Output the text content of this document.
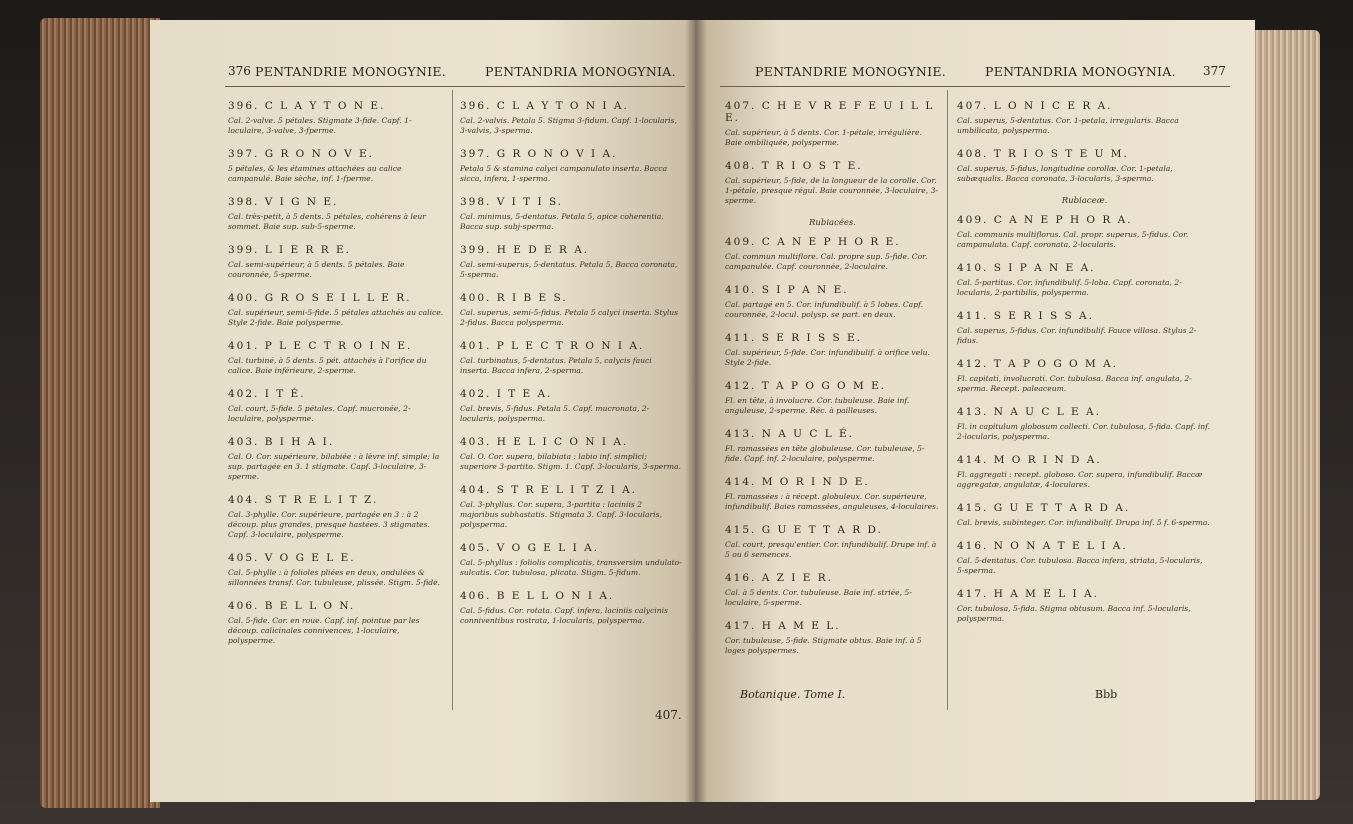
376 PENTANDRIE MONOGYNIE.	PENTANDRIA MONOGYNIA.
396. C L A Y T O N E.
Cal. 2-valve. 5 pétales. Stigmate 3-fide. Capf. 1-loculaire, 3-valve, 3-fperme.
397. G R O N O V E.
5 pétales, & les étamines attachées au calice campanulé. Baie sèche, inf. 1-fperme.
398. V I G N E.
Cal. très-petit, à 5 dents. 5 pétales, cohérens à leur sommet. Baie sup. sub-5-sperme.
399. L I E R R E.
Cal. semi-supérieur, à 5 dents. 5 pétales. Baie couronnée, 5-sperme.
400. G R O S E I L L E R.
Cal. supérieur, semi-5-fide. 5 pétales attachés au calice. Style 2-fide. Baie polysperme.
401. P L E C T R O I N E.
Cal. turbiné, à 5 dents. 5 pét. attachés à l'orifice du calice. Baie inférieure, 2-sperme.
402. I T É.
Cal. court, 5-fide. 5 pétales. Capf. mucronée, 2-loculaire, polysperme.
403. B I H A I.
Cal. O. Cor. supérieure, bilabiée : à lèvre inf. simple; la sup. partagée en 3. 1 stigmate. Capf. 3-loculaire, 3-sperme.
404. S T R E L I T Z.
Cal. 3-phylle. Cor. supérieure, partagée en 3 : à 2 découp. plus grandes, presque hastées. 3 stigmates. Capf. 3-loculaire, polysperme.
405. V O G E L E.
Cal. 5-phylle : à folioles pliées en deux, ondulées & sillonnées transf. Cor. tubuleuse, plissée. Stigm. 5-fide.
406. B E L L O N.
Cal. 5-fide. Cor. en roue. Capf. inf. pointue par les découp. calicinales connivences, 1-loculaire, polysperme.
396. C L A Y T O N I A.
Cal. 2-valvis. Petala 5. Stigma 3-fidum. Capf. 1-locularis, 3-valvis, 3-sperma.
397. G R O N O V I A.
Petala 5 & stamina calyci campanulato inserta. Bacca sicca, infera, 1-sperma.
398. V I T I S.
Cal. minimus, 5-dentatus. Petala 5, apice coherentia. Bacca sup. subj-sperma.
399. H E D E R A.
Cal. semi-superus, 5-dentatus. Petala 5, Bacca coronata, 5-sperma.
400. R I B E S.
Cal. superus, semi-5-fidus. Petala 5 calyci inserta. Stylus 2-fidus. Bacca polysperma.
401. P L E C T R O N I A.
Cal. turbinatus, 5-dentatus. Petala 5, calycis fauci inserta. Bacca infera, 2-sperma.
402. I T E A.
Cal. brevis, 5-fidus. Petala 5. Capf. mucronata, 2-locularis, polysperma.
403. H E L I C O N I A.
Cal. O. Cor. supera, bilabiata : labio inf. simplici; superiore 3-partito. Stigm. 1. Capf. 3-locularis, 3-sperma.
404. S T R E L I T Z I A.
Cal. 3-phyllus. Cor. supera, 3-partita : laciniis 2 majoribus subhastatis. Stigmata 3. Capf. 3-locularis, polysperma.
405. V O G E L I A.
Cal. 5-phyllus : foliolis complicatis, transversim undulato-sulcatis. Cor. tubulosa, plicata. Stigm. 5-fidum.
406. B E L L O N I A.
Cal. 5-fidus. Cor. rotata. Capf. infera, laciniis calycinis conniventibus rostrata, 1-locularis, polysperma.
407.
PENTANDRIE MONOGYNIE.	PENTANDRIA MONOGYNIA. 377
407. C H E V R E F E U I L L E.
Cal. supérieur, à 5 dents. Cor. 1-pétale, irrégulière. Baie ombiliquée, polysperme.
408. T R I O S T E.
Cal. supérieur, 5-fide, de la longueur de la corolle. Cor. 1-pétale, presque régul. Baie couronnée, 3-loculaire, 3-sperme.
Rubiacées.
409. C A N E P H O R E.
Cal. commun multiflore. Cal. propre sup. 5-fide. Cor. campanulée. Capf. couronnée, 2-loculaire.
410. S I P A N E.
Cal. partagé en 5. Cor. infundibulif. à 5 lobes. Capf. couronnée, 2-locul. polysp. se part. en deux.
411. S E R I S S E.
Cal. supérieur, 5-fide. Cor. infundibulif. à orifice velu. Style 2-fide.
412. T A P O G O M E.
Fl. en tête, à involucre. Cor. tubuleuse. Baie inf. anguleuse, 2-sperme. Réc. à pailleuses.
413. N A U C L É.
Fl. ramassées en tête globuleuse. Cor. tubuleuse, 5-fide. Capf. inf. 2-loculaire, polysperme.
414. M O R I N D E.
Fl. ramassées : à récept. globuleux. Cor. supérieure, infundibulif. Baies ramassées, anguleuses, 4-loculaires.
415. G U E T T A R D.
Cal. court, presqu'entier. Cor. infundibulif. Drupe inf. à 5 ou 6 semences.
416. A Z I E R.
Cal. à 5 dents. Cor. tubuleuse. Baie inf. striée, 5-loculaire, 5-sperme.
417. H A M E L.
Cor. tubuleuse, 5-fide. Stigmate obtus. Baie inf. à 5 loges polyspermes.
407. L O N I C E R A.
Cal. superus, 5-dentatus. Cor. 1-petala, irregularis. Bacca umbilicata, polysperma.
408. T R I O S T E U M.
Cal. superus, 5-fidus, longitudine corollæ. Cor. 1-petala, subæqualis. Bacca coronata, 3-locularis, 3-sperma.
Rubiaceæ.
409. C A N E P H O R A.
Cal. communis multiflorus. Cal. propr. superus, 5-fidus. Cor. campanulata. Capf. coronata, 2-locularis.
410. S I P A N E A.
Cal. 5-partitus. Cor. infundibulif. 5-loba. Capf. coronata, 2-locularis, 2-partibilis, polysperma.
411. S E R I S S A.
Cal. superus, 5-fidus. Cor. infundibulif. Fauce villosa. Stylus 2-fidus.
412. T A P O G O M A.
Fl. capitati, involucrati. Cor. tubulosa. Bacca inf. angulata, 2-sperma. Recept. paleaceum.
413. N A U C L E A.
Fl. in capitulum globosum collecti. Cor. tubulosa, 5-fida. Capf. inf. 2-locularis, polysperma.
414. M O R I N D A.
Fl. aggregati : recept. globoso. Cor. supera, infundibulif. Baccæ aggregatæ, angulatæ, 4-loculares.
415. G U E T T A R D A.
Cal. brevis, subinteger. Cor. infundibulif. Drupa inf. 5 f. 6-sperma.
416. N O N A T E L I A.
Cal. 5-dentatus. Cor. tubulosa. Bacca infera, striata, 5-locularis, 5-sperma.
417. H A M E L I A.
Cor. tubulosa, 5-fida. Stigma obtusum. Bacca inf. 5-locularis, polysperma.
Botanique. Tome I.	Bbb
